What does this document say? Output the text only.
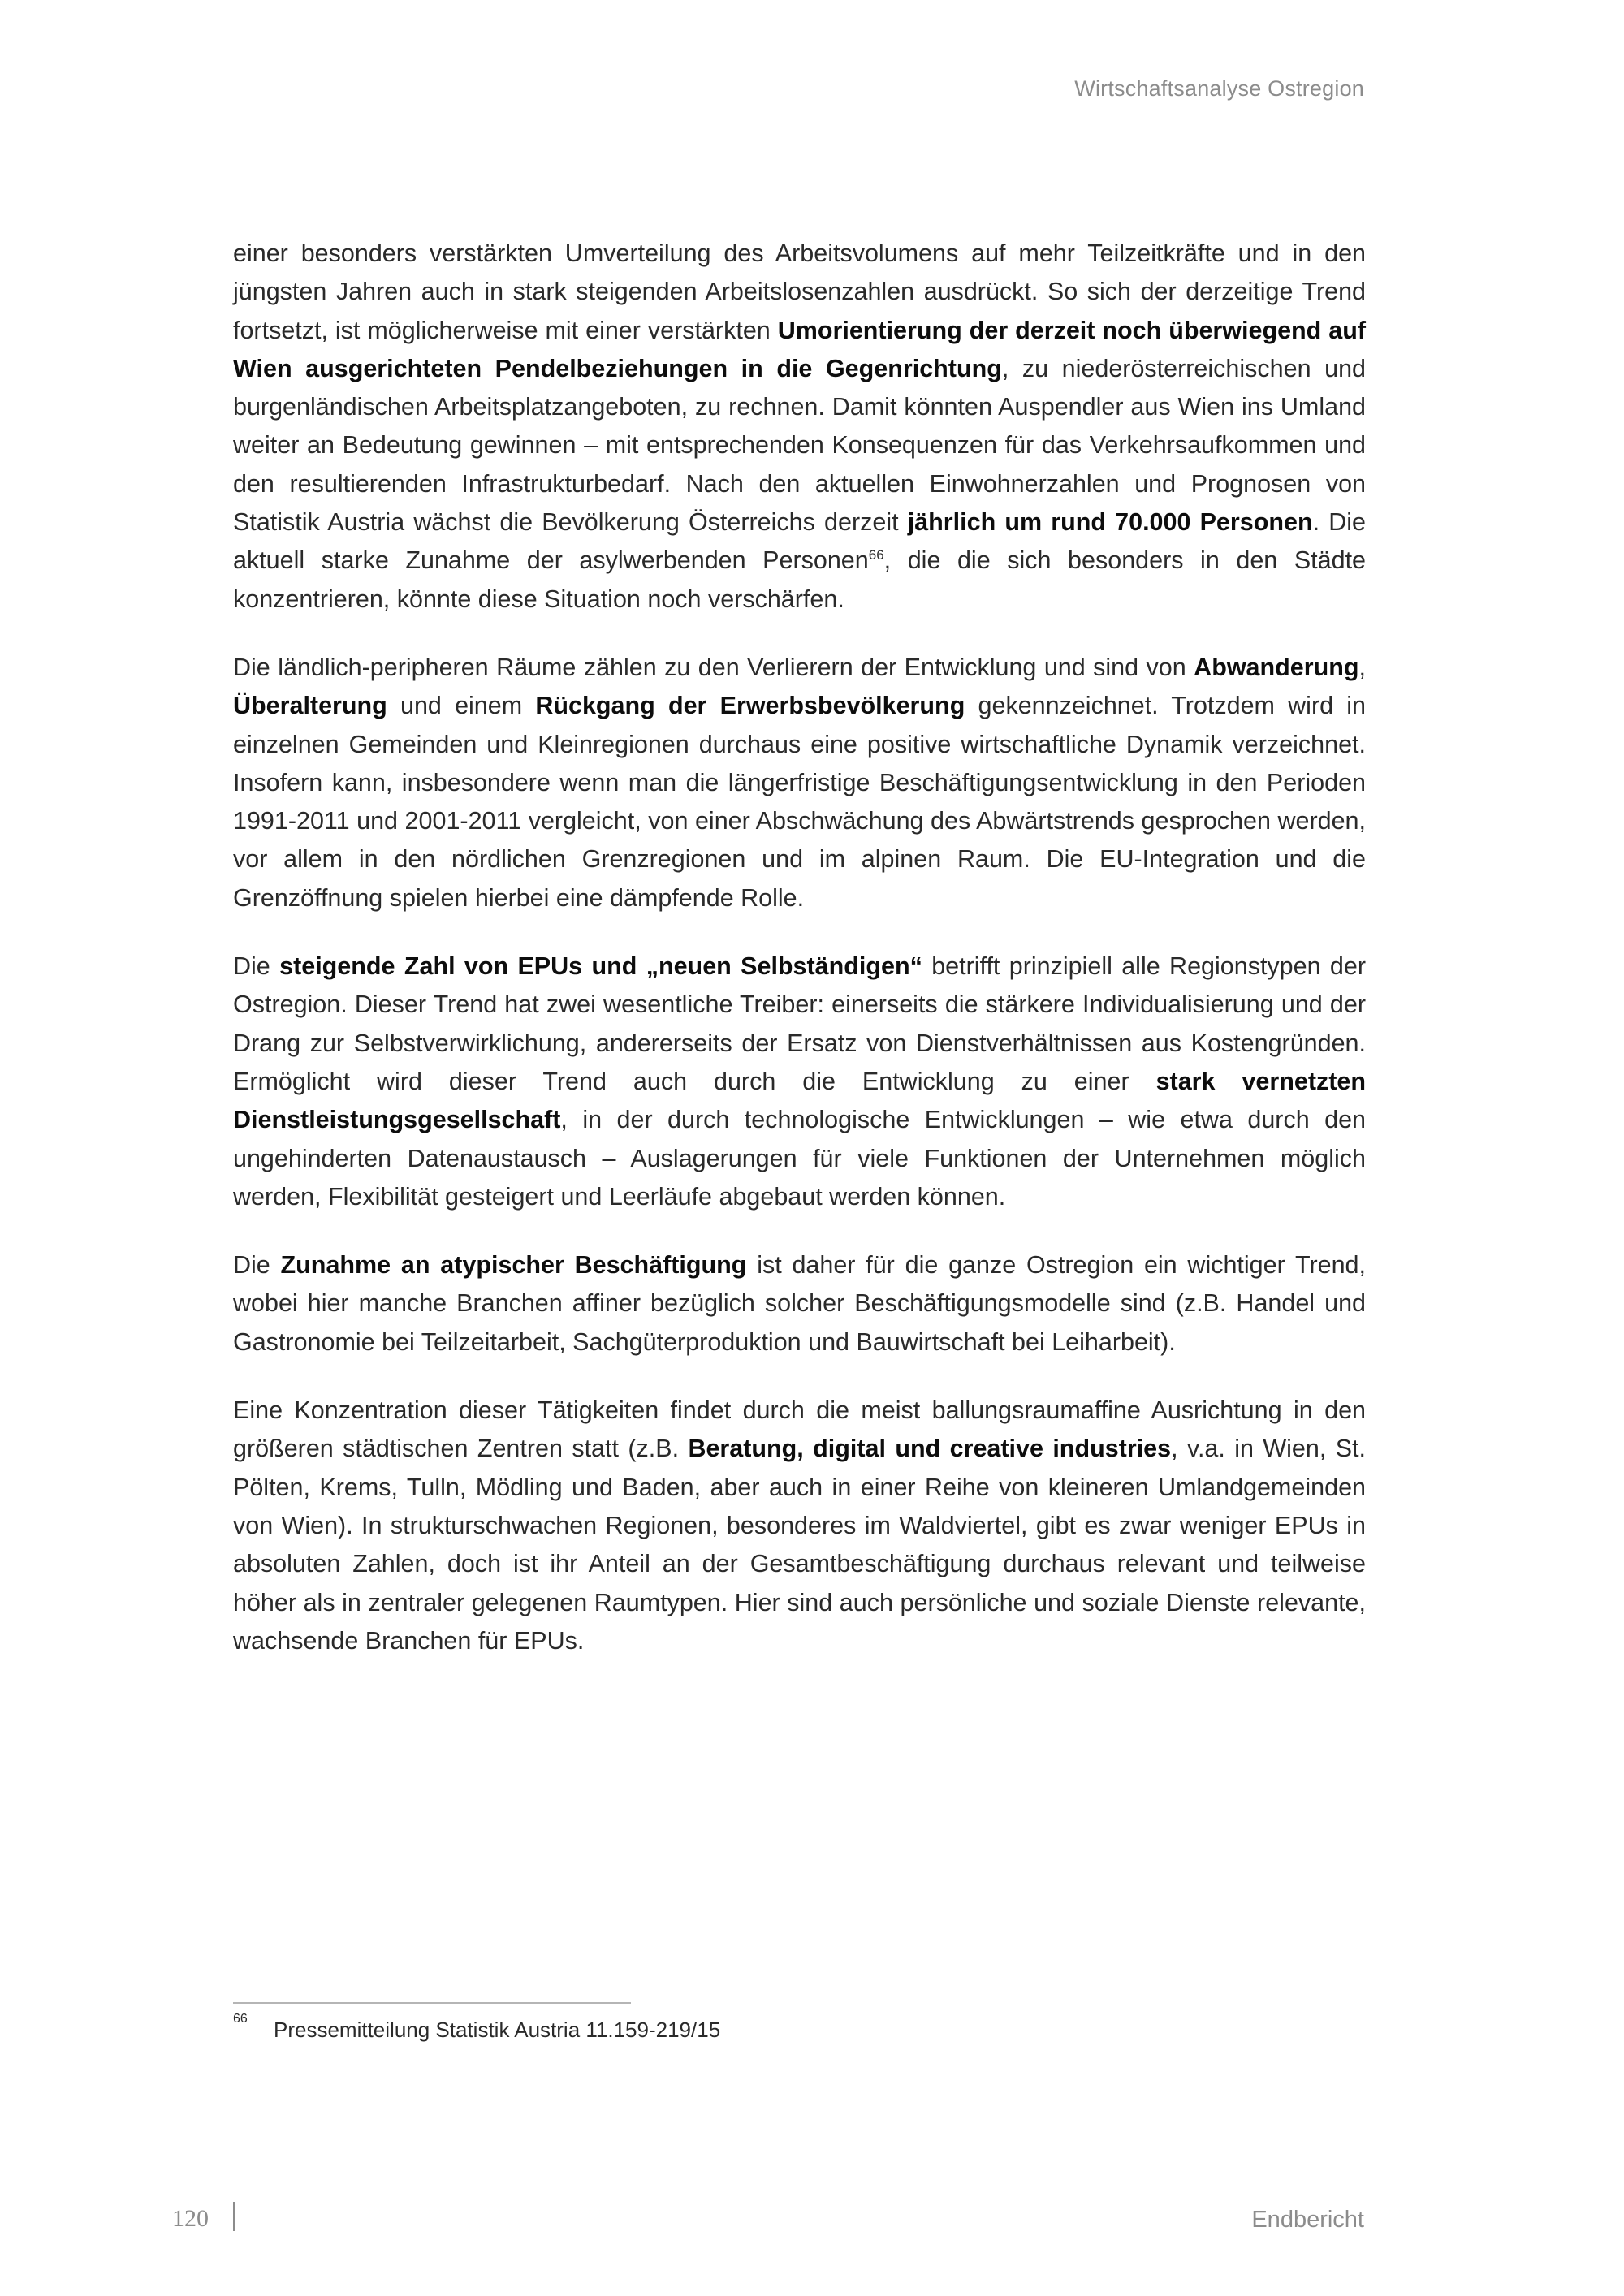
Wirtschaftsanalyse Ostregion

einer besonders verstärkten Umverteilung des Arbeitsvolumens auf mehr Teilzeitkräfte und in den jüngsten Jahren auch in stark steigenden Arbeitslosenzahlen ausdrückt. So sich der derzeitige Trend fortsetzt, ist möglicherweise mit einer verstärkten Umorientierung der derzeit noch überwiegend auf Wien ausgerichteten Pendelbeziehungen in die Gegenrichtung, zu niederösterreichischen und burgenländischen Arbeitsplatzangeboten, zu rechnen. Damit könnten Auspendler aus Wien ins Umland weiter an Bedeutung gewinnen – mit entsprechenden Konsequenzen für das Verkehrsaufkommen und den resultierenden Infrastrukturbedarf. Nach den aktuellen Einwohnerzahlen und Prognosen von Statistik Austria wächst die Bevölkerung Österreichs derzeit jährlich um rund 70.000 Personen. Die aktuell starke Zunahme der asylwerbenden Personen$^{66}$, die die sich besonders in den Städte konzentrieren, könnte diese Situation noch verschärfen.

Die ländlich-peripheren Räume zählen zu den Verlierern der Entwicklung und sind von Abwanderung, Überalterung und einem Rückgang der Erwerbsbevölkerung gekennzeichnet. Trotzdem wird in einzelnen Gemeinden und Kleinregionen durchaus eine positive wirtschaftliche Dynamik verzeichnet. Insofern kann, insbesondere wenn man die längerfristige Beschäftigungsentwicklung in den Perioden 1991-2011 und 2001-2011 vergleicht, von einer Abschwächung des Abwärtstrends gesprochen werden, vor allem in den nördlichen Grenzregionen und im alpinen Raum. Die EU-Integration und die Grenzöffnung spielen hierbei eine dämpfende Rolle.

Die steigende Zahl von EPUs und „neuen Selbständigen“ betrifft prinzipiell alle Regionstypen der Ostregion. Dieser Trend hat zwei wesentliche Treiber: einerseits die stärkere Individualisierung und der Drang zur Selbstverwirklichung, andererseits der Ersatz von Dienstverhältnissen aus Kostengründen. Ermöglicht wird dieser Trend auch durch die Entwicklung zu einer stark vernetzten Dienstleistungsgesellschaft, in der durch technologische Entwicklungen – wie etwa durch den ungehinderten Datenaustausch – Auslagerungen für viele Funktionen der Unternehmen möglich werden, Flexibilität gesteigert und Leerläufe abgebaut werden können.

Die Zunahme an atypischer Beschäftigung ist daher für die ganze Ostregion ein wichtiger Trend, wobei hier manche Branchen affiner bezüglich solcher Beschäftigungsmodelle sind (z.B. Handel und Gastronomie bei Teilzeitarbeit, Sachgüterproduktion und Bauwirtschaft bei Leiharbeit).

Eine Konzentration dieser Tätigkeiten findet durch die meist ballungsraumaffine Ausrichtung in den größeren städtischen Zentren statt (z.B. Beratung, digital und creative industries, v.a. in Wien, St. Pölten, Krems, Tulln, Mödling und Baden, aber auch in einer Reihe von kleineren Umlandgemeinden von Wien). In strukturschwachen Regionen, besonderes im Waldviertel, gibt es zwar weniger EPUs in absoluten Zahlen, doch ist ihr Anteil an der Gesamtbeschäftigung durchaus relevant und teilweise höher als in zentraler gelegenen Raumtypen. Hier sind auch persönliche und soziale Dienste relevante, wachsende Branchen für EPUs.

66	Pressemitteilung Statistik Austria 11.159-219/15
120	Endbericht
